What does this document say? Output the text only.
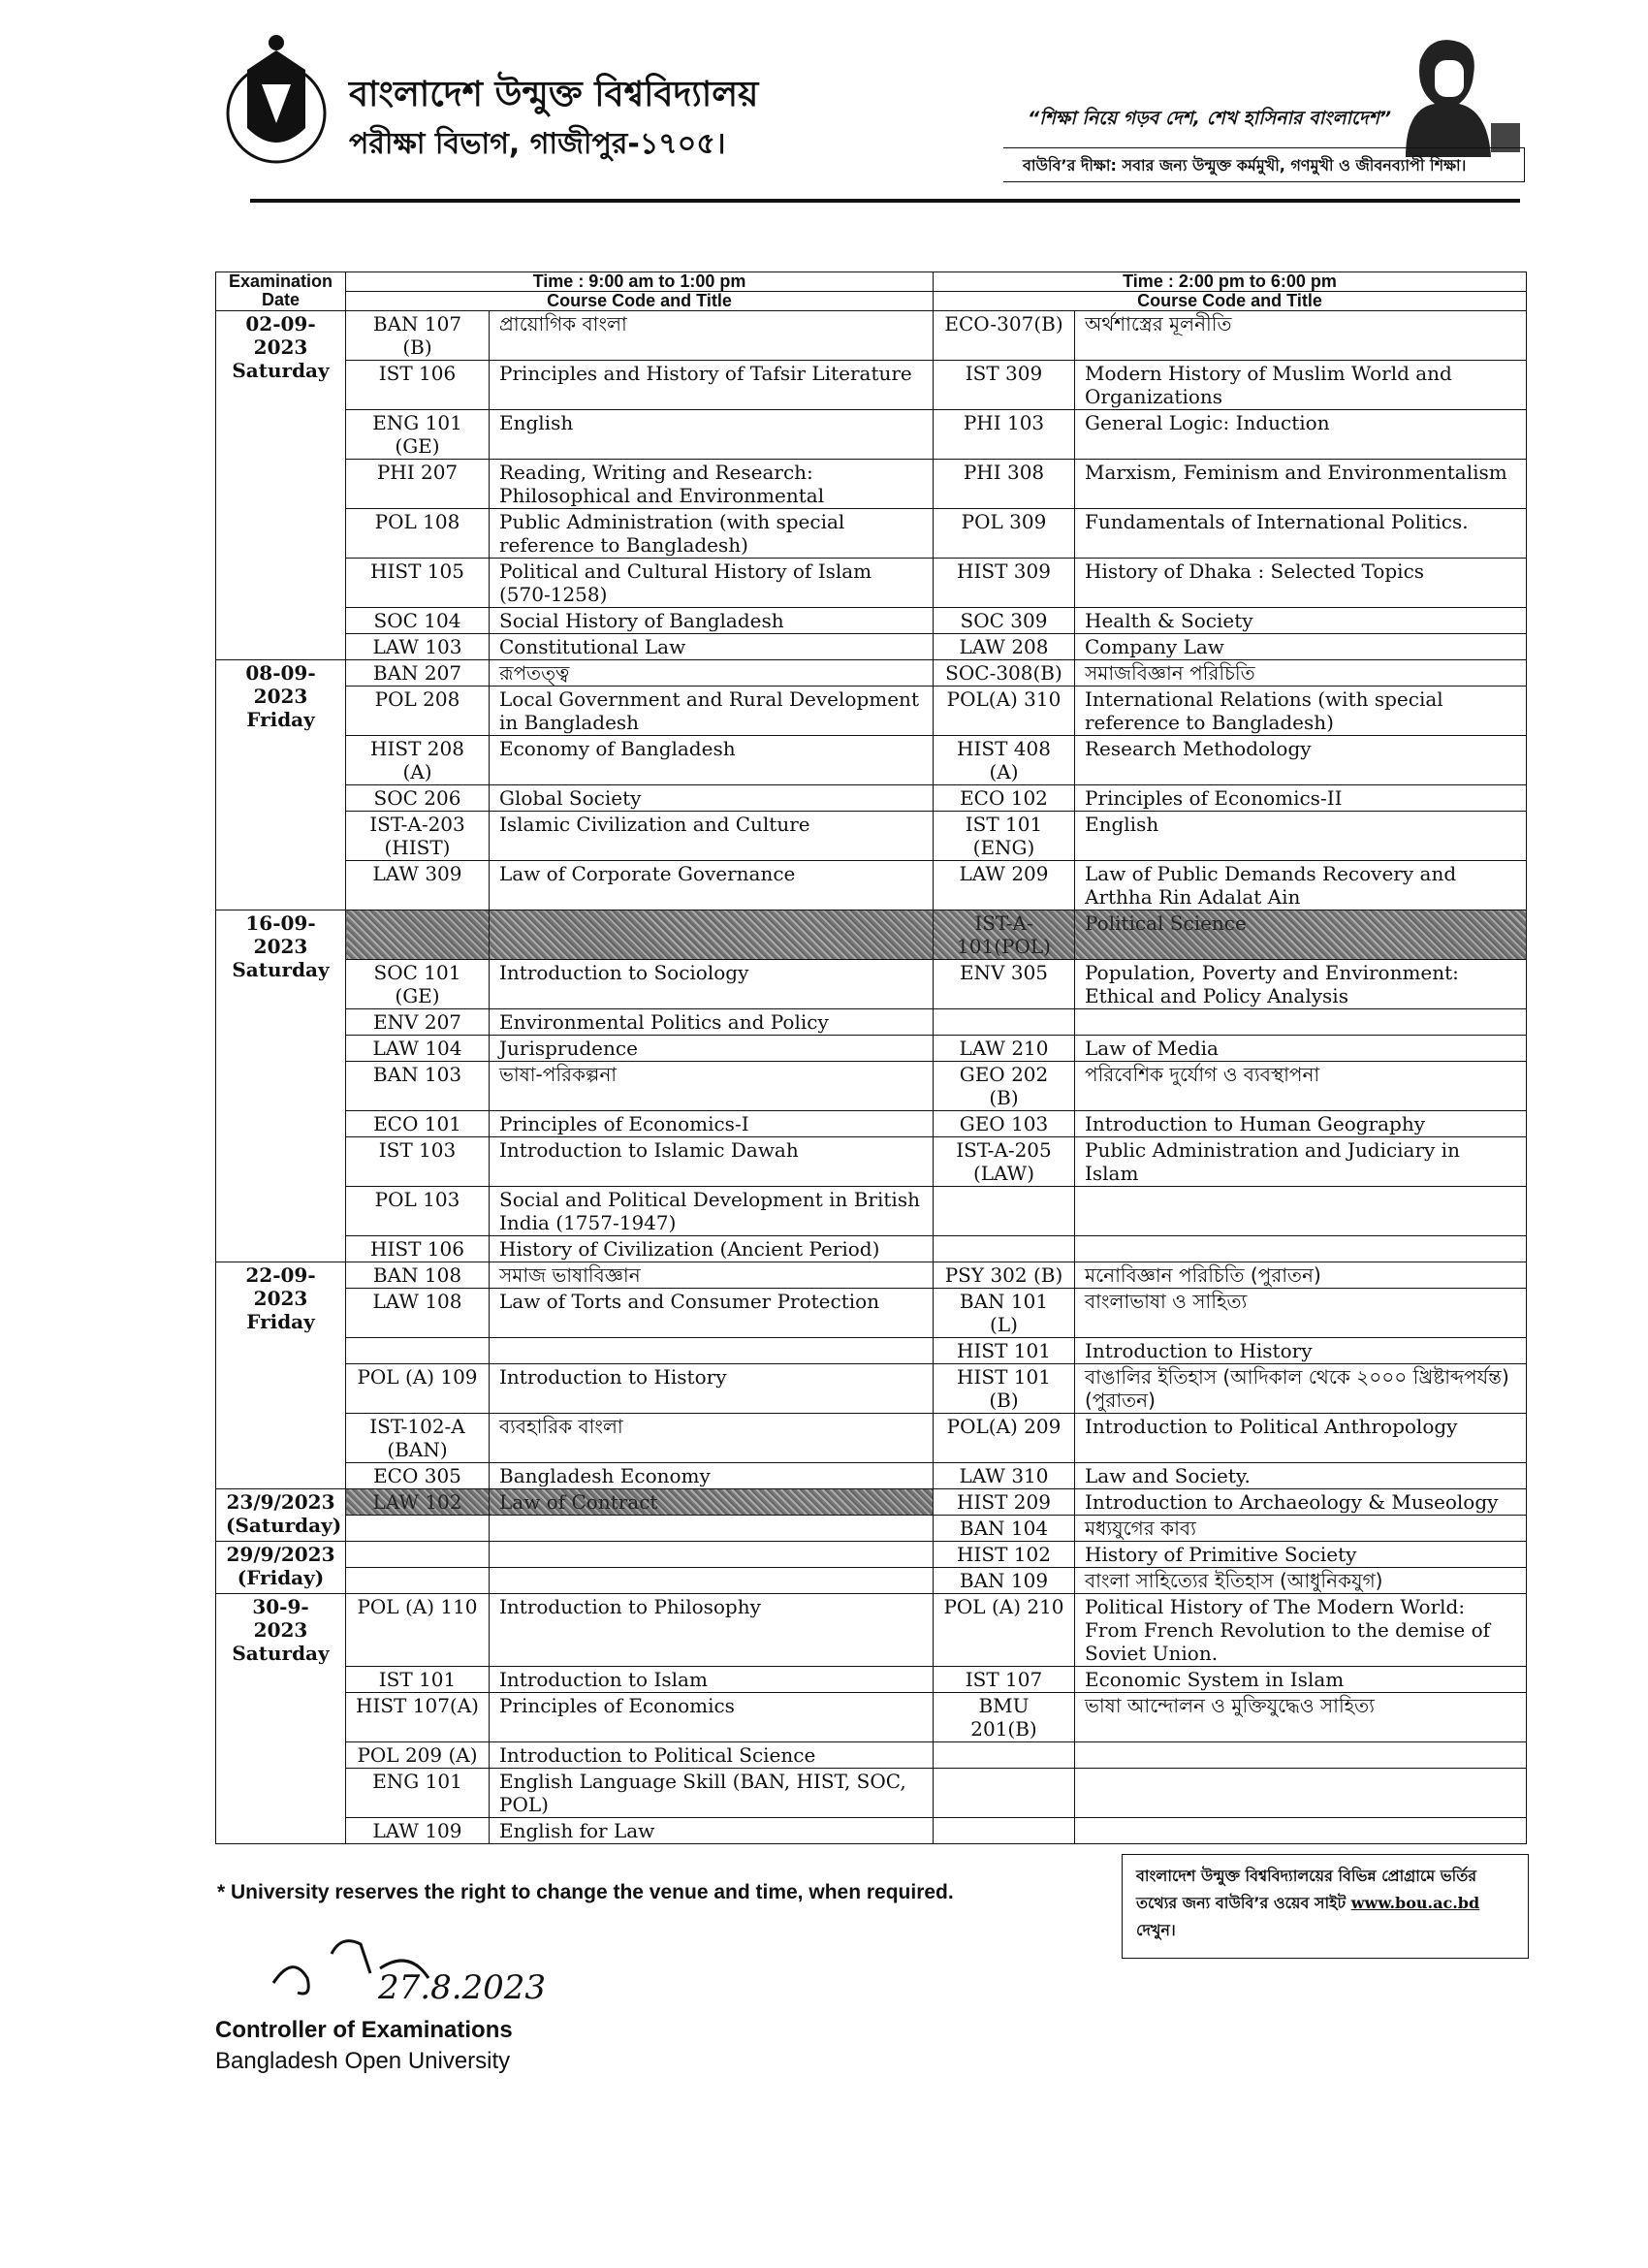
বাংলাদেশ উন্মুক্ত বিশ্ববিদ্যালয়
পরীক্ষা বিভাগ, গাজীপুর-১৭০৫।
“শিক্ষা নিয়ে গড়ব দেশ, শেখ হাসিনার বাংলাদেশ”
বাউবি’র দীক্ষা: সবার জন্য উন্মুক্ত কর্মমুখী, গণমুখী ও জীবনব্যাপী শিক্ষা।
Examination Date	Time : 9:00 am to 1:00 pm		Time : 2:00 pm to 6:00 pm	
	Course Code and Title		Course Code and Title	

02-09-2023
Saturday	BAN 107 (B)	প্রায়োগিক বাংলা	ECO-307(B)	অর্থশাস্ত্রের মূলনীতি
	IST 106	Principles and History of Tafsir Literature	IST 309	Modern History of Muslim World and Organizations
	ENG 101 (GE)	English	PHI 103	General Logic: Induction
	PHI 207	Reading, Writing and Research: Philosophical and Environmental	PHI 308	Marxism, Feminism and Environmentalism
	POL 108	Public Administration (with special reference to Bangladesh)	POL 309	Fundamentals of International Politics.
	HIST 105	Political and Cultural History of Islam (570-1258)	HIST 309	History of Dhaka : Selected Topics
	SOC 104	Social History of Bangladesh	SOC 309	Health & Society
	LAW 103	Constitutional Law	LAW 208	Company Law

08-09-2023
Friday	BAN 207	রূপতত্ত্ব	SOC-308(B)	সমাজবিজ্ঞান পরিচিতি
	POL 208	Local Government and Rural Development in Bangladesh	POL(A) 310	International Relations (with special reference to Bangladesh)
	HIST 208 (A)	Economy of Bangladesh	HIST 408 (A)	Research Methodology
	SOC 206	Global Society	ECO 102	Principles of Economics-II
	IST-A-203 (HIST)	Islamic Civilization and Culture	IST 101 (ENG)	English
	LAW 309	Law of Corporate Governance	LAW 209	Law of Public Demands Recovery and Arthha Rin Adalat Ain

16-09-2023
Saturday			IST-A-101(POL)	Political Science
	SOC 101 (GE)	Introduction to Sociology	ENV 305	Population, Poverty and Environment: Ethical and Policy Analysis
	ENV 207	Environmental Politics and Policy		
	LAW 104	Jurisprudence	LAW 210	Law of Media
	BAN 103	ভাষা-পরিকল্পনা	GEO 202 (B)	পরিবেশিক দুর্যোগ ও ব্যবস্থাপনা
	ECO 101	Principles of Economics-I	GEO 103	Introduction to Human Geography
	IST 103	Introduction to Islamic Dawah	IST-A-205 (LAW)	Public Administration and Judiciary in Islam
	POL 103	Social and Political Development in British India (1757-1947)		
	HIST 106	History of Civilization (Ancient Period)		

22-09-2023
Friday	BAN 108	সমাজ ভাষাবিজ্ঞান	PSY 302 (B)	মনোবিজ্ঞান পরিচিতি (পুরাতন)
	LAW 108	Law of Torts and Consumer Protection	BAN 101 (L)	বাংলাভাষা ও সাহিত্য
			HIST 101	Introduction to History
	POL (A) 109	Introduction to History	HIST 101 (B)	বাঙালির ইতিহাস (আদিকাল থেকে ২০০০ খ্রিষ্টাব্দপর্যন্ত) (পুরাতন)
	IST-102-A (BAN)	ব্যবহারিক বাংলা	POL(A) 209	Introduction to Political Anthropology
	ECO 305	Bangladesh Economy	LAW 310	Law and Society.

23/9/2023
(Saturday)	LAW 102	Law of Contract	HIST 209	Introduction to Archaeology & Museology
			BAN 104	মধ্যযুগের কাব্য

29/9/2023
(Friday)			HIST 102	History of Primitive Society
			BAN 109	বাংলা সাহিত্যের ইতিহাস (আধুনিকযুগ)

30-9-2023
Saturday	POL (A) 110	Introduction to Philosophy	POL (A) 210	Political History of The Modern World: From French Revolution to the demise of Soviet Union.
	IST 101	Introduction to Islam	IST 107	Economic System in Islam
	HIST 107(A)	Principles of Economics	BMU 201(B)	ভাষা আন্দোলন ও মুক্তিযুদ্ধেও সাহিত্য
	POL 209 (A)	Introduction to Political Science		
	ENG 101	English Language Skill (BAN, HIST, SOC, POL)		
	LAW 109	English for Law		
* University reserves the right to change the venue and time, when required.
বাংলাদেশ উন্মুক্ত বিশ্ববিদ্যালয়ের বিভিন্ন প্রোগ্রামে ভর্তির তথ্যের জন্য বাউবি’র ওয়েব সাইট www.bou.ac.bd দেখুন।
27.8.2023
Controller of Examinations
Bangladesh Open University
